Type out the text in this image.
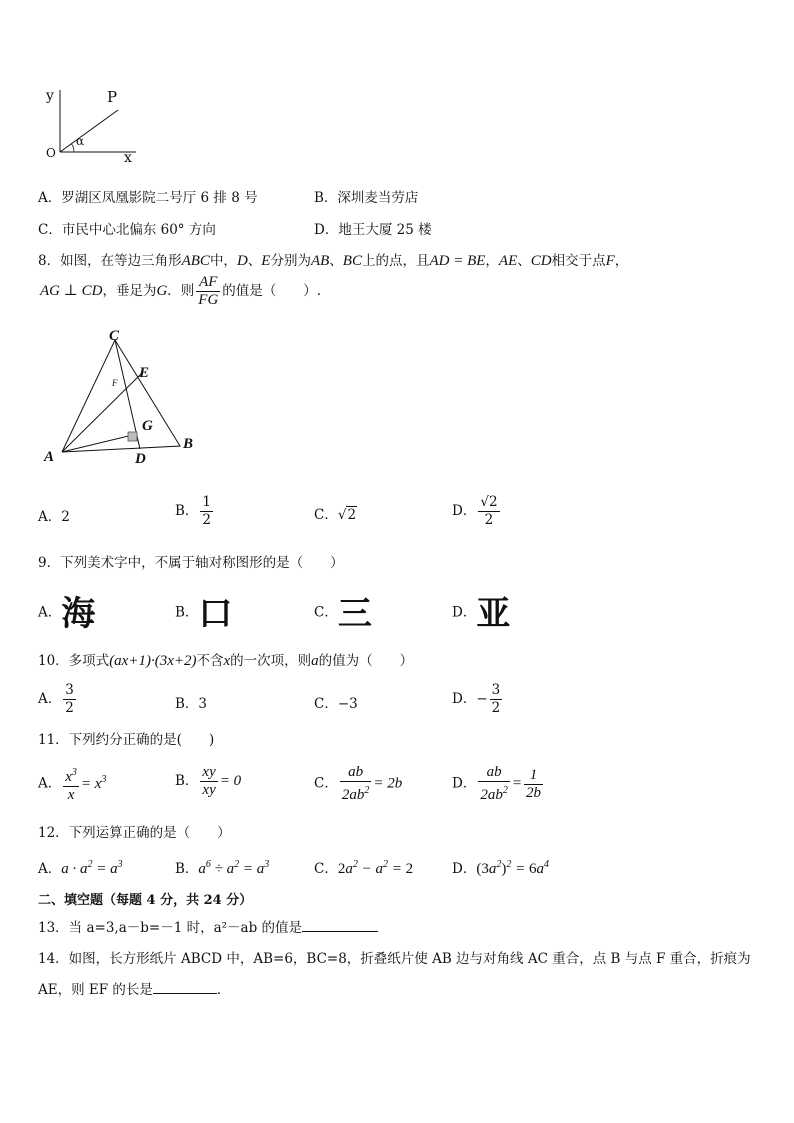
y
O	x
P
α
A．罗湖区凤凰影院二号厅 6 排 8 号	B．深圳麦当劳店
C．市民中心北偏东 60° 方向	D．地王大厦 25 楼
8．如图，在等边三角形ABC中，D、E分别为AB、BC上的点，且AD = BE，AE、CD相交于点F，
AG ⊥ CD，垂足为G．则 $\frac{AF}{FG}$ 的值是（　　）.
C
E
F
G
A	D
B
A．2	B． $\frac{1}{2}$	C．√2	D． $\frac{√2}{2}$
9．下列美术字中，不属于轴对称图形的是（　　）
A．海	B．口	C．三	D．亚
10．多项式(ax+1)·(3x+2)不含x的一次项，则a的值为（　　）
A． $\frac{3}{2}$	B．3	C．−3	D．− $\frac{3}{2}$
11．下列约分正确的是(　　)
A． $\frac{x^3}{x} = x^3$	B． $\frac{xy}{xy} = 0$	C． $\frac{ab}{2ab^2} = 2b$	D． $\frac{ab}{2ab^2} = \frac{1}{2b}$
12．下列运算正确的是（　　）
A．$a \cdot a^2 = a^3$	B．$a^6 \div a^2 = a^3$	C．$2a^2 - a^2 = 2$	D．$(3a^2)^2 = 6a^4$
二、填空题（每题 4 分，共 24 分）
13．当 a=3,a－b=－1 时，a²－ab 的值是
14．如图，长方形纸片 ABCD 中，AB=6，BC=8，折叠纸片使 AB 边与对角线 AC 重合，点 B 与点 F 重合，折痕为
AE，则 EF 的长是	．
